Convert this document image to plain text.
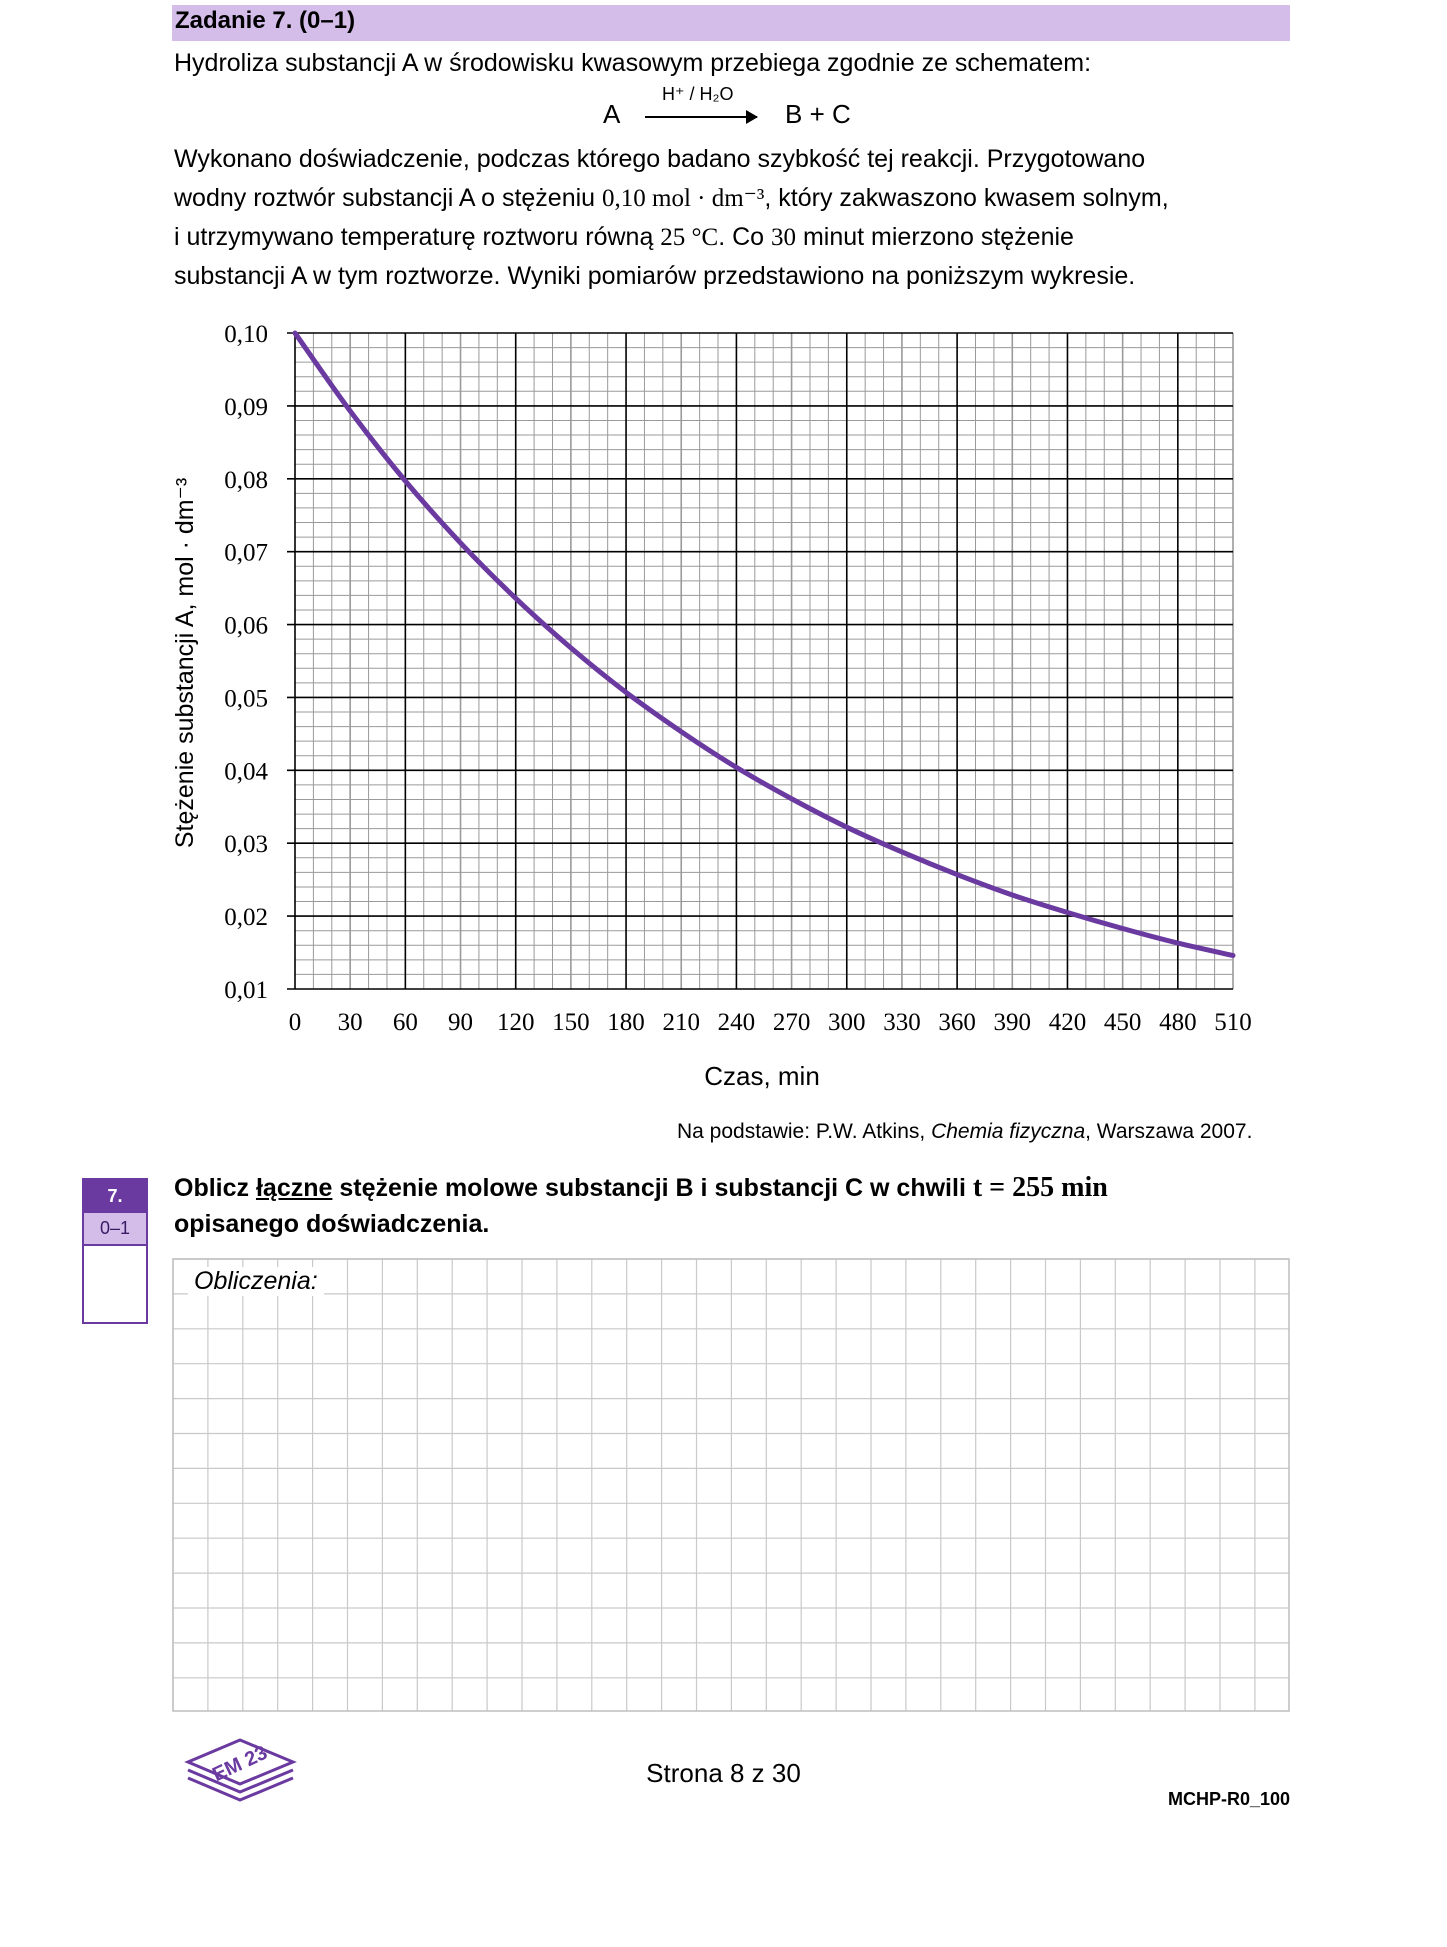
Zadanie 7. (0–1)
Hydroliza substancji A w środowisku kwasowym przebiega zgodnie ze schematem:
A
H⁺ / H₂O
B + C
Wykonano doświadczenie, podczas którego badano szybkość tej reakcji. Przygotowano
wodny roztwór substancji A o stężeniu 0,10 mol · dm⁻³, który zakwaszono kwasem solnym,
i utrzymywano temperaturę roztworu równą 25 °C. Co 30 minut mierzono stężenie
substancji A w tym roztworze. Wyniki pomiarów przedstawiono na poniższym wykresie.
0,10
0,09
0,08
0,07
0,06
0,05
0,04
0,03
0,02
0,01
0 30 60 90 120 150 180 210 240 270 300 330 360 390 420 450 480 510
Czas, min
Stężenie substancji A, mol · dm⁻³
Na podstawie: P.W. Atkins, Chemia fizyczna, Warszawa 2007.
7.
0–1
Oblicz łączne stężenie molowe substancji B i substancji C w chwili t = 255 min
opisanego doświadczenia.
Obliczenia:
EM 23	Strona 8 z 30
MCHP-R0_100
